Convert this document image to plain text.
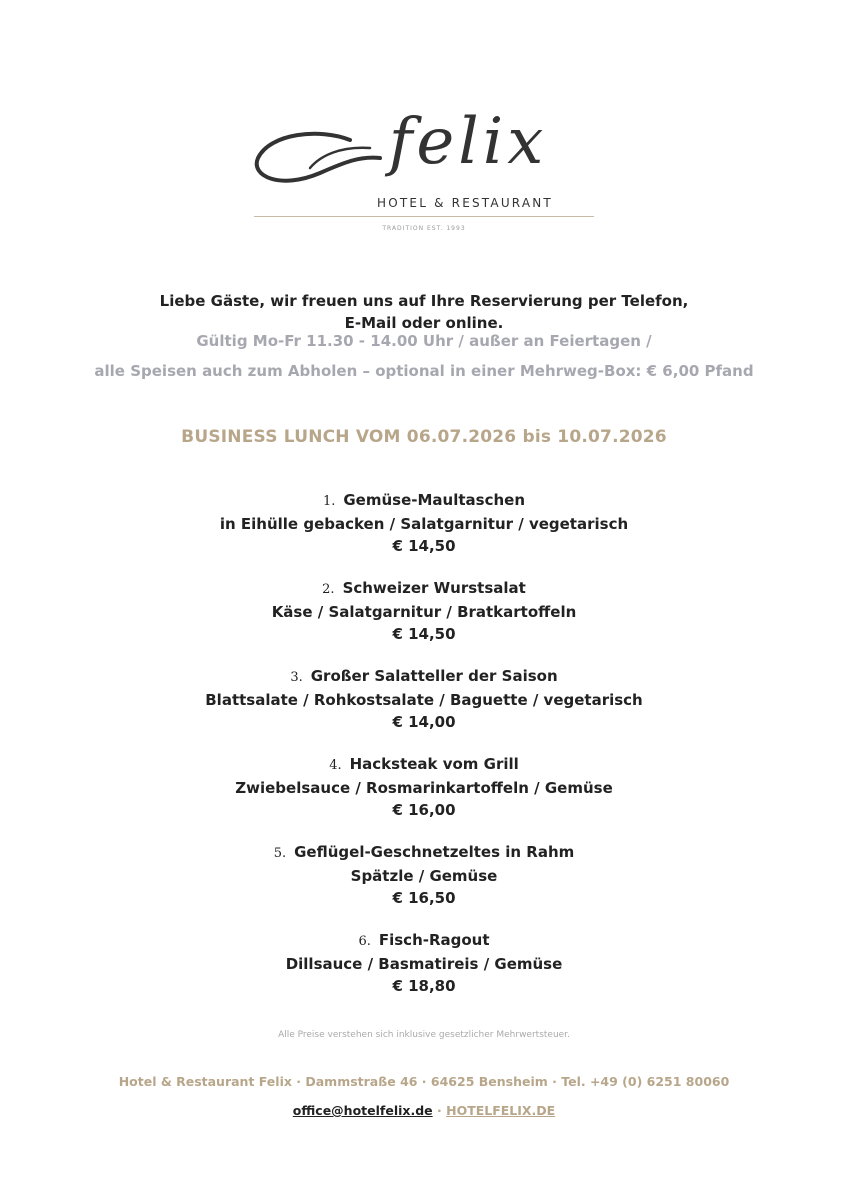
felix
HOTEL & RESTAURANT
TRADITION EST. 1993
Liebe Gäste, wir freuen uns auf Ihre Reservierung per Telefon,
E-Mail oder online.
Gültig Mo-Fr 11.30 - 14.00 Uhr / außer an Feiertagen /
alle Speisen auch zum Abholen – optional in einer Mehrweg-Box: € 6,00 Pfand
BUSINESS LUNCH VOM 06.07.2026 bis 10.07.2026
1. Gemüse-Maultaschen
in Eihülle gebacken / Salatgarnitur / vegetarisch
€ 14,50
2. Schweizer Wurstsalat
Käse / Salatgarnitur / Bratkartoffeln
€ 14,50
3. Großer Salatteller der Saison
Blattsalate / Rohkostsalate / Baguette / vegetarisch
€ 14,00
4. Hacksteak vom Grill
Zwiebelsauce / Rosmarinkartoffeln / Gemüse
€ 16,00
5. Geflügel-Geschnetzeltes in Rahm
Spätzle / Gemüse
€ 16,50
6. Fisch-Ragout
Dillsauce / Basmatireis / Gemüse
€ 18,80
Alle Preise verstehen sich inklusive gesetzlicher Mehrwertsteuer.
Hotel & Restaurant Felix · Dammstraße 46 · 64625 Bensheim · Tel. +49 (0) 6251 80060
office@hotelfelix.de · HOTELFELIX.DE
